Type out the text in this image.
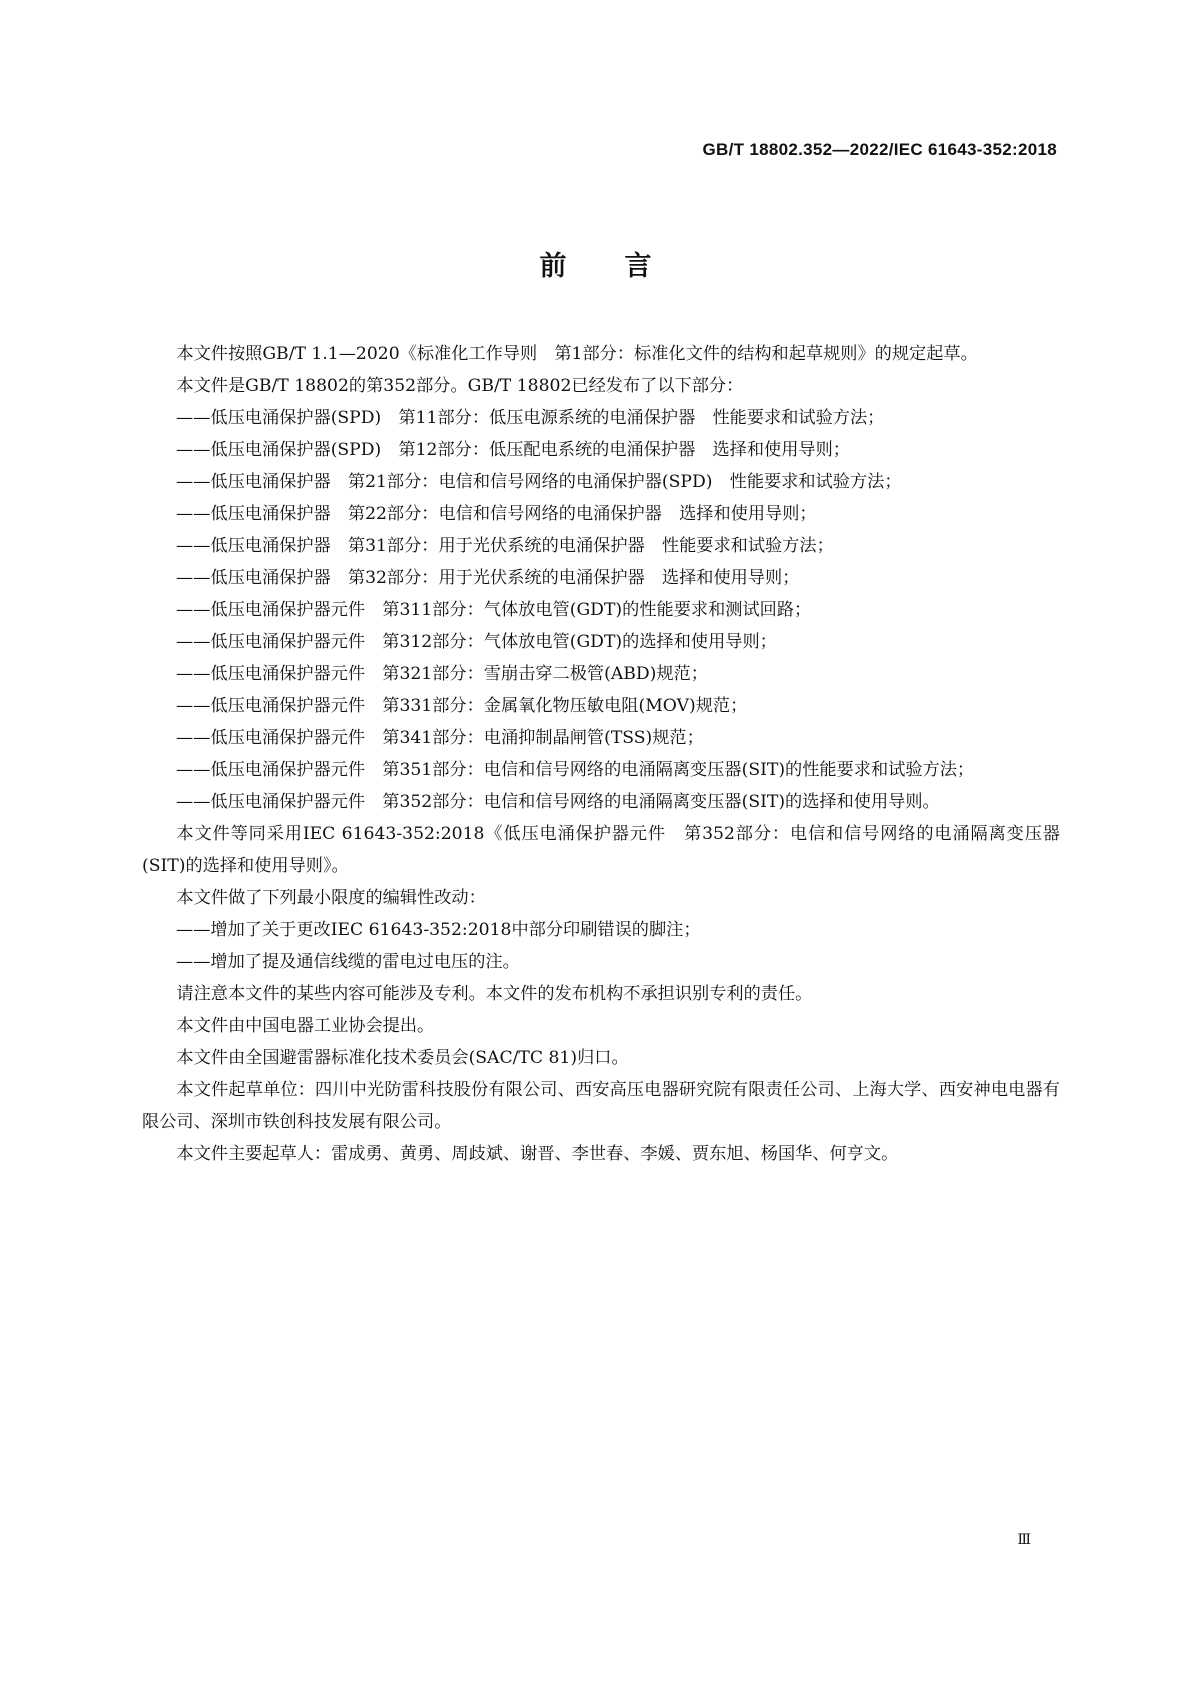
GB/T 18802.352—2022/IEC 61643-352:2018
前言

本文件按照GB/T 1.1—2020《标准化工作导则　第1部分：标准化文件的结构和起草规则》的规定起草。

本文件是GB/T 18802的第352部分。GB/T 18802已经发布了以下部分：

——低压电涌保护器(SPD)　第11部分：低压电源系统的电涌保护器　性能要求和试验方法；

——低压电涌保护器(SPD)　第12部分：低压配电系统的电涌保护器　选择和使用导则；

——低压电涌保护器　第21部分：电信和信号网络的电涌保护器(SPD)　性能要求和试验方法；

——低压电涌保护器　第22部分：电信和信号网络的电涌保护器　选择和使用导则；

——低压电涌保护器　第31部分：用于光伏系统的电涌保护器　性能要求和试验方法；

——低压电涌保护器　第32部分：用于光伏系统的电涌保护器　选择和使用导则；

——低压电涌保护器元件　第311部分：气体放电管(GDT)的性能要求和测试回路；

——低压电涌保护器元件　第312部分：气体放电管(GDT)的选择和使用导则；

——低压电涌保护器元件　第321部分：雪崩击穿二极管(ABD)规范；

——低压电涌保护器元件　第331部分：金属氧化物压敏电阻(MOV)规范；

——低压电涌保护器元件　第341部分：电涌抑制晶闸管(TSS)规范；

——低压电涌保护器元件　第351部分：电信和信号网络的电涌隔离变压器(SIT)的性能要求和试验方法；

——低压电涌保护器元件　第352部分：电信和信号网络的电涌隔离变压器(SIT)的选择和使用导则。

本文件等同采用IEC 61643-352:2018《低压电涌保护器元件　第352部分：电信和信号网络的电涌隔离变压器(SIT)的选择和使用导则》。

本文件做了下列最小限度的编辑性改动：

——增加了关于更改IEC 61643-352:2018中部分印刷错误的脚注；

——增加了提及通信线缆的雷电过电压的注。

请注意本文件的某些内容可能涉及专利。本文件的发布机构不承担识别专利的责任。

本文件由中国电器工业协会提出。

本文件由全国避雷器标准化技术委员会(SAC/TC 81)归口。

本文件起草单位：四川中光防雷科技股份有限公司、西安高压电器研究院有限责任公司、上海大学、西安神电电器有限公司、深圳市铁创科技发展有限公司。

本文件主要起草人：雷成勇、黄勇、周歧斌、谢晋、李世春、李媛、贾东旭、杨国华、何亨文。

Ⅲ
